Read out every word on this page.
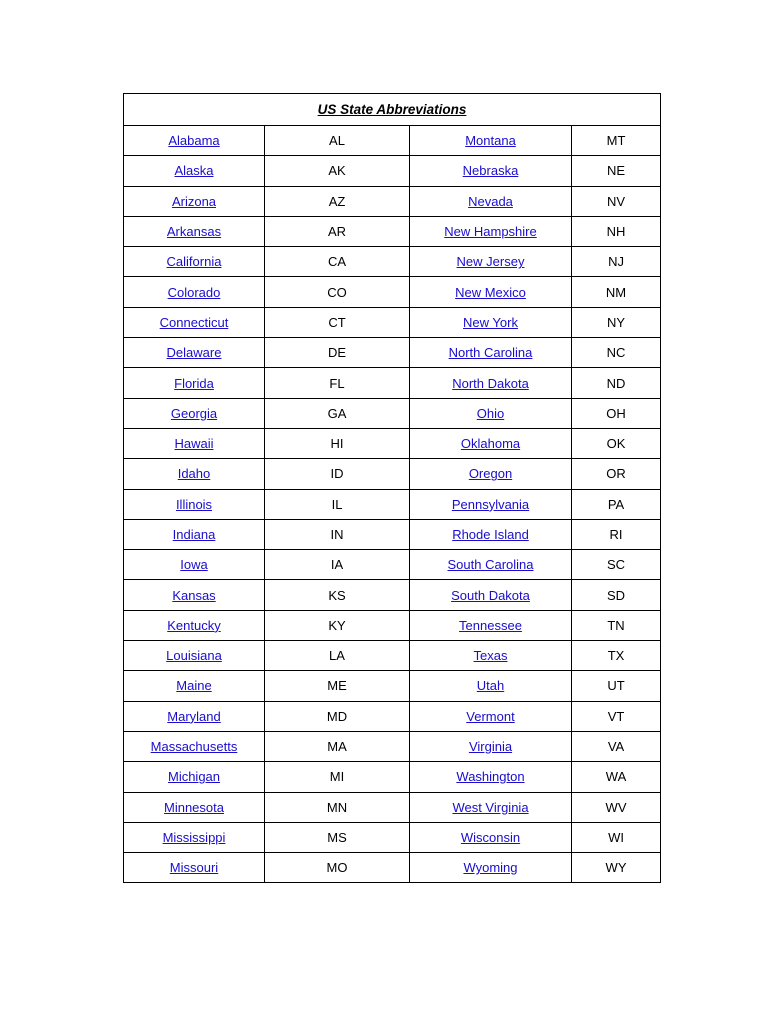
US State Abbreviations			
Alabama	AL	Montana	MT
Alaska	AK	Nebraska	NE
Arizona	AZ	Nevada	NV
Arkansas	AR	New Hampshire	NH
California	CA	New Jersey	NJ
Colorado	CO	New Mexico	NM
Connecticut	CT	New York	NY
Delaware	DE	North Carolina	NC
Florida	FL	North Dakota	ND
Georgia	GA	Ohio	OH
Hawaii	HI	Oklahoma	OK
Idaho	ID	Oregon	OR
Illinois	IL	Pennsylvania	PA
Indiana	IN	Rhode Island	RI
Iowa	IA	South Carolina	SC
Kansas	KS	South Dakota	SD
Kentucky	KY	Tennessee	TN
Louisiana	LA	Texas	TX
Maine	ME	Utah	UT
Maryland	MD	Vermont	VT
Massachusetts	MA	Virginia	VA
Michigan	MI	Washington	WA
Minnesota	MN	West Virginia	WV
Mississippi	MS	Wisconsin	WI
Missouri	MO	Wyoming	WY
